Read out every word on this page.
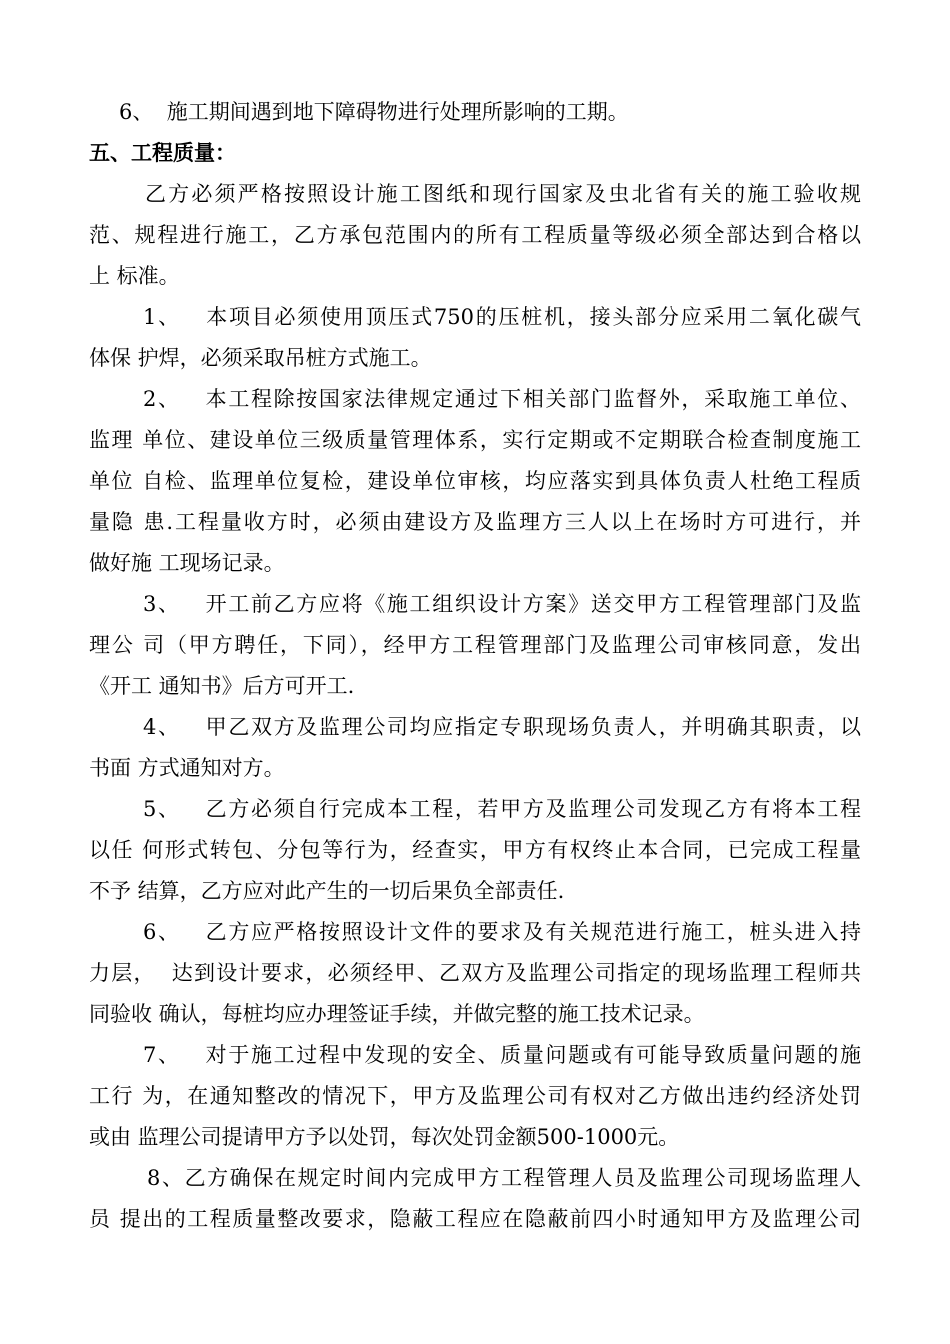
6、  施工期间遇到地下障碍物进行处理所影响的工期。
五、工程质量：
乙方必须严格按照设计施工图纸和现行国家及虫北省有关的施工验收规
范、规程进行施工，乙方承包范围内的所有工程质量等级必须全部达到合格以
上 标准。
1、   本项目必须使用顶压式750的压桩机，接头部分应采用二氧化碳气
体保 护焊，必须采取吊桩方式施工。
2、   本工程除按国家法律规定通过下相关部门监督外，采取施工单位、
监理 单位、建设单位三级质量管理体系，实行定期或不定期联合检查制度施工
单位 自检、监理单位复检，建设单位审核，均应落实到具体负责人杜绝工程质
量隐 患.工程量收方时，必须由建设方及监理方三人以上在场时方可进行，并
做好施 工现场记录。
3、   开工前乙方应将《施工组织设计方案》送交甲方工程管理部门及监
理公 司（甲方聘任，下同），经甲方工程管理部门及监理公司审核同意，发出
《开工 通知书》后方可开工.
4、   甲乙双方及监理公司均应指定专职现场负责人，并明确其职责，以
书面 方式通知对方。
5、   乙方必须自行完成本工程，若甲方及监理公司发现乙方有将本工程
以任 何形式转包、分包等行为，经查实，甲方有权终止本合同，已完成工程量
不予 结算，乙方应对此产生的一切后果负全部责任.
6、   乙方应严格按照设计文件的要求及有关规范进行施工，桩头进入持
力层，  达到设计要求，必须经甲、乙双方及监理公司指定的现场监理工程师共
同验收 确认，每桩均应办理签证手续，并做完整的施工技术记录。
7、   对于施工过程中发现的安全、质量问题或有可能导致质量问题的施
工行 为，在通知整改的情况下，甲方及监理公司有权对乙方做出违约经济处罚
或由 监理公司提请甲方予以处罚，每次处罚金额500-1000元。
8、乙方确保在规定时间内完成甲方工程管理人员及监理公司现场监理人
员 提出的工程质量整改要求，隐蔽工程应在隐蔽前四小时通知甲方及监理公司
